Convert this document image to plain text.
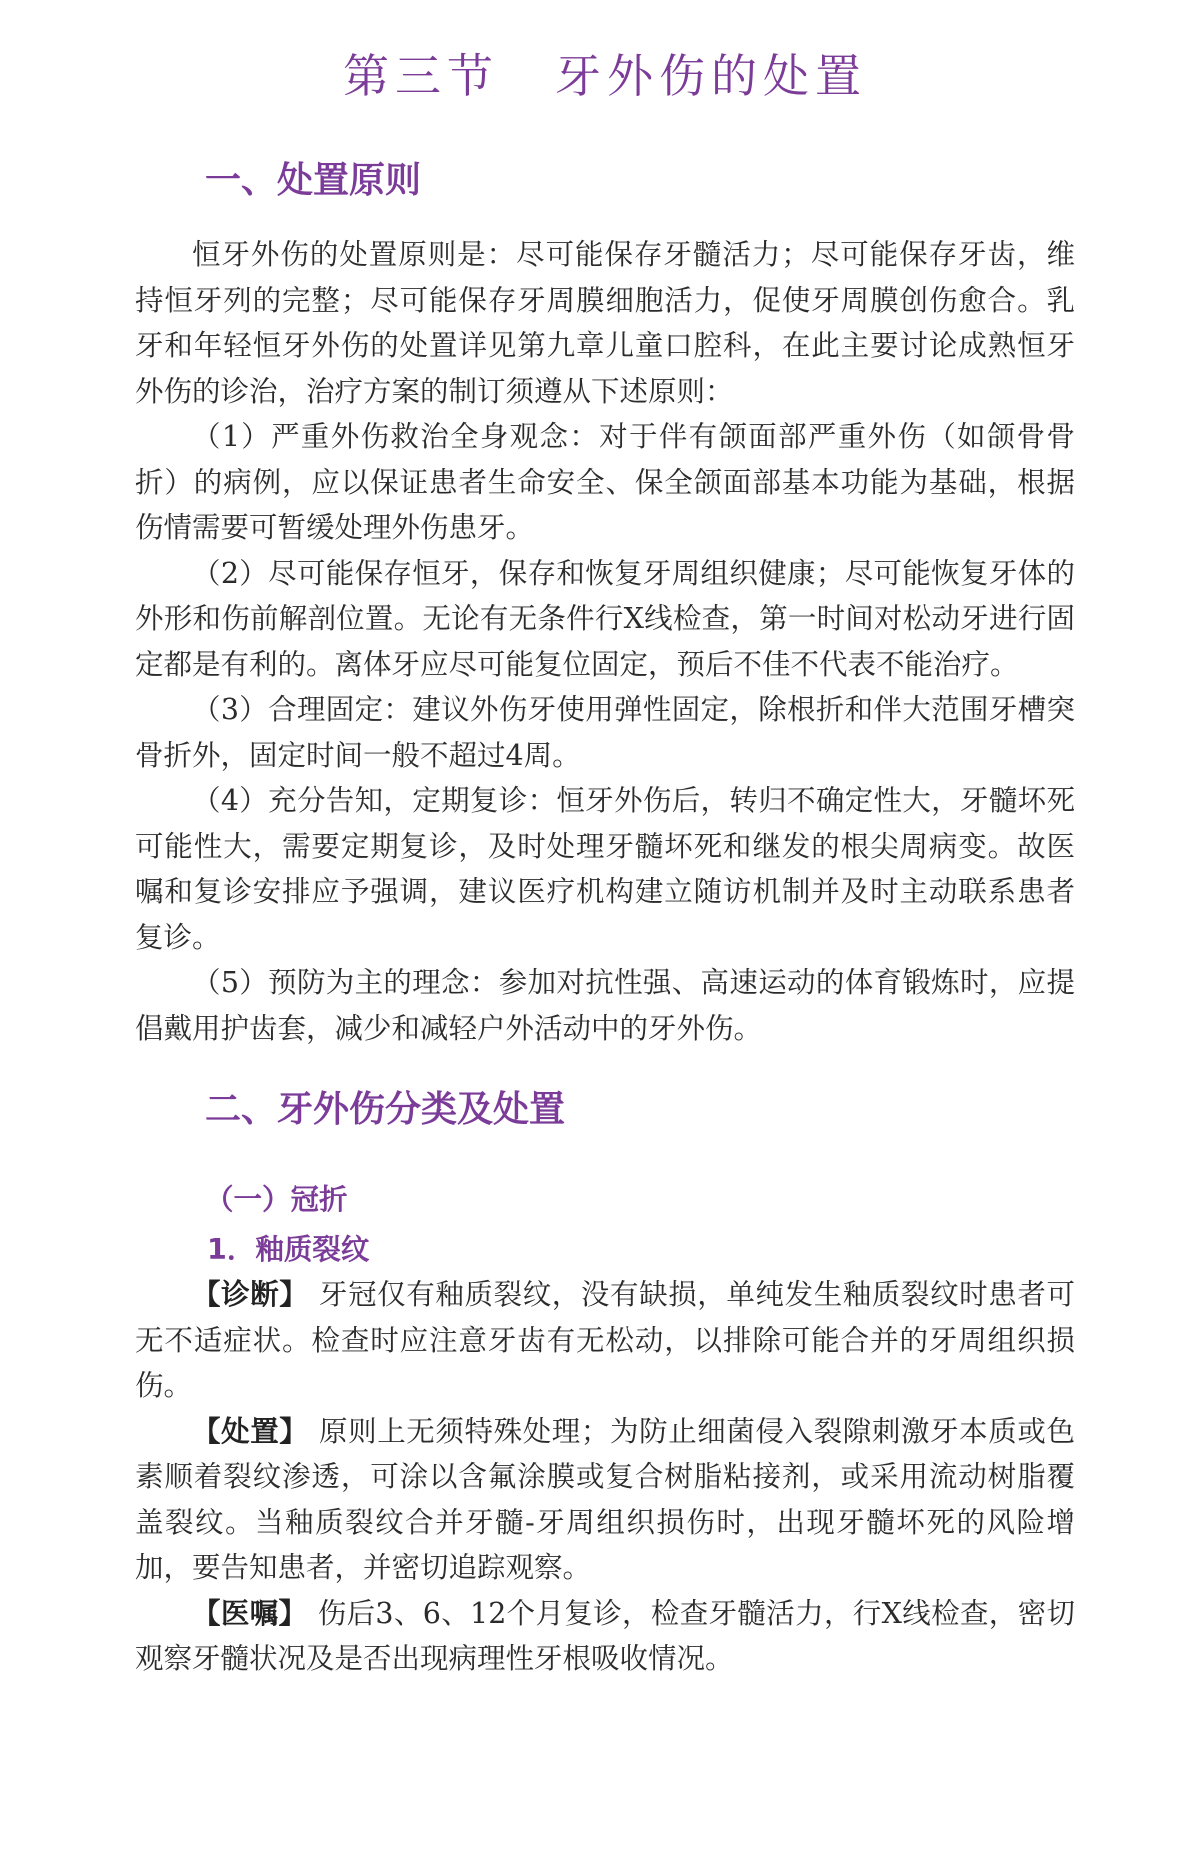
第三节 牙外伤的处置
一、处置原则

恒牙外伤的处置原则是：尽可能保存牙髓活力；尽可能保存牙齿，维持恒牙列的完整；尽可能保存牙周膜细胞活力，促使牙周膜创伤愈合。乳牙和年轻恒牙外伤的处置详见第九章儿童口腔科，在此主要讨论成熟恒牙外伤的诊治，治疗方案的制订须遵从下述原则：

（1）严重外伤救治全身观念：对于伴有颌面部严重外伤（如颌骨骨折）的病例，应以保证患者生命安全、保全颌面部基本功能为基础，根据伤情需要可暂缓处理外伤患牙。

（2）尽可能保存恒牙，保存和恢复牙周组织健康；尽可能恢复牙体的外形和伤前解剖位置。无论有无条件行X线检查，第一时间对松动牙进行固定都是有利的。离体牙应尽可能复位固定，预后不佳不代表不能治疗。

（3）合理固定：建议外伤牙使用弹性固定，除根折和伴大范围牙槽突骨折外，固定时间一般不超过4周。

（4）充分告知，定期复诊：恒牙外伤后，转归不确定性大，牙髓坏死可能性大，需要定期复诊，及时处理牙髓坏死和继发的根尖周病变。故医嘱和复诊安排应予强调，建议医疗机构建立随访机制并及时主动联系患者复诊。

（5）预防为主的理念：参加对抗性强、高速运动的体育锻炼时，应提倡戴用护齿套，减少和减轻户外活动中的牙外伤。

二、牙外伤分类及处置
（一）冠折
1．釉质裂纹

【诊断】 牙冠仅有釉质裂纹，没有缺损，单纯发生釉质裂纹时患者可无不适症状。检查时应注意牙齿有无松动，以排除可能合并的牙周组织损伤。

【处置】 原则上无须特殊处理；为防止细菌侵入裂隙刺激牙本质或色素顺着裂纹渗透，可涂以含氟涂膜或复合树脂粘接剂，或采用流动树脂覆盖裂纹。当釉质裂纹合并牙髓-牙周组织损伤时，出现牙髓坏死的风险增加，要告知患者，并密切追踪观察。

【医嘱】 伤后3、6、12个月复诊，检查牙髓活力，行X线检查，密切观察牙髓状况及是否出现病理性牙根吸收情况。
